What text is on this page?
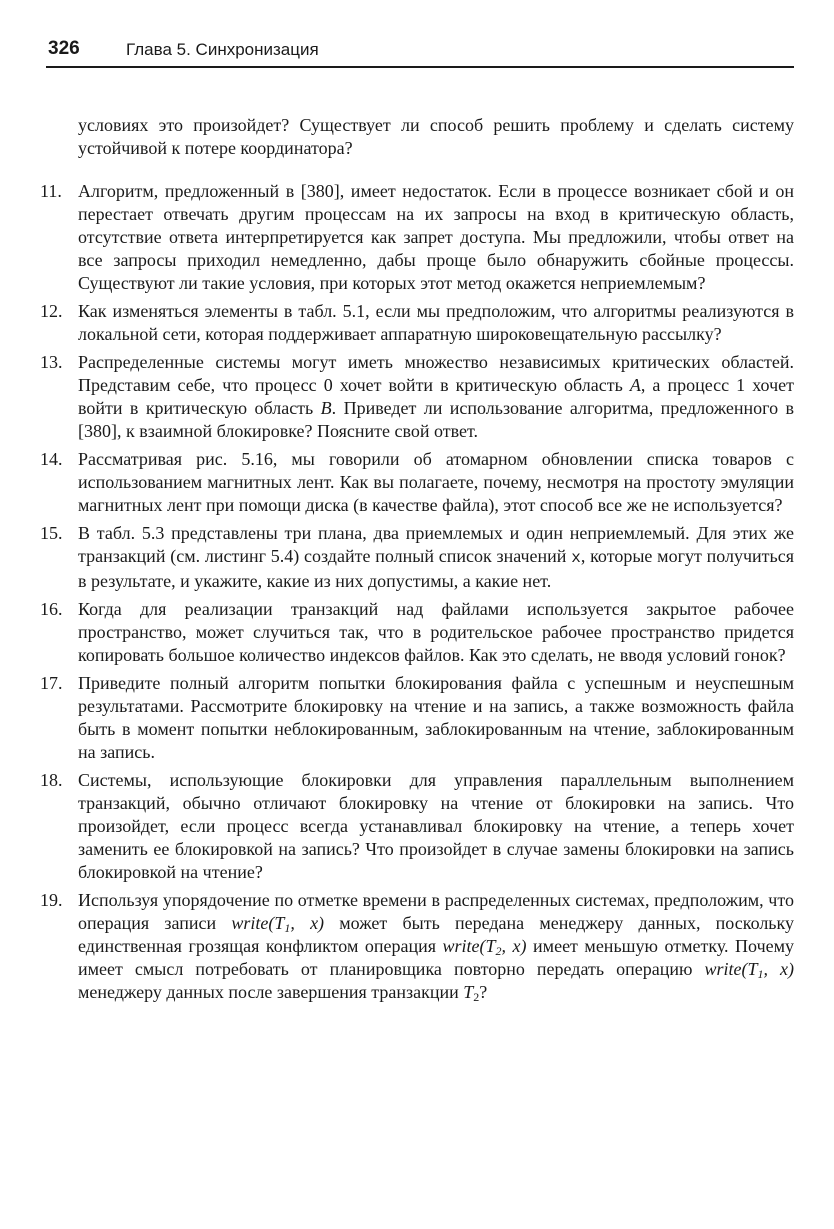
326	Глава 5. Синхронизация

условиях это произойдет? Существует ли способ решить проблему и сделать систему устойчивой к потере координатора?

11. Алгоритм, предложенный в [380], имеет недостаток. Если в процессе возникает сбой и он перестает отвечать другим процессам на их запросы на вход в критическую область, отсутствие ответа интерпретируется как запрет доступа. Мы предложили, чтобы ответ на все запросы приходил немедленно, дабы проще было обнаружить сбойные процессы. Существуют ли такие условия, при которых этот метод окажется неприемлемым?
12. Как изменяться элементы в табл. 5.1, если мы предположим, что алгоритмы реализуются в локальной сети, которая поддерживает аппаратную широковещательную рассылку?
13. Распределенные системы могут иметь множество независимых критических областей. Представим себе, что процесс 0 хочет войти в критическую область A, а процесс 1 хочет войти в критическую область B. Приведет ли использование алгоритма, предложенного в [380], к взаимной блокировке? Поясните свой ответ.
14. Рассматривая рис. 5.16, мы говорили об атомарном обновлении списка товаров с использованием магнитных лент. Как вы полагаете, почему, несмотря на простоту эмуляции магнитных лент при помощи диска (в качестве файла), этот способ все же не используется?
15. В табл. 5.3 представлены три плана, два приемлемых и один неприемлемый. Для этих же транзакций (см. листинг 5.4) создайте полный список значений x, которые могут получиться в результате, и укажите, какие из них допустимы, а какие нет.
16. Когда для реализации транзакций над файлами используется закрытое рабочее пространство, может случиться так, что в родительское рабочее пространство придется копировать большое количество индексов файлов. Как это сделать, не вводя условий гонок?
17. Приведите полный алгоритм попытки блокирования файла с успешным и неуспешным результатами. Рассмотрите блокировку на чтение и на запись, а также возможность файла быть в момент попытки неблокированным, заблокированным на чтение, заблокированным на запись.
18. Системы, использующие блокировки для управления параллельным выполнением транзакций, обычно отличают блокировку на чтение от блокировки на запись. Что произойдет, если процесс всегда устанавливал блокировку на чтение, а теперь хочет заменить ее блокировкой на запись? Что произойдет в случае замены блокировки на запись блокировкой на чтение?
19. Используя упорядочение по отметке времени в распределенных системах, предположим, что операция записи $write(T_1$, x) может быть передана менеджеру данных, поскольку единственная грозящая конфликтом операция $write(T_2$, x) имеет меньшую отметку. Почему имеет смысл потребовать от планировщика повторно передать операцию $write(T_1$, x) менеджеру данных после завершения транзакции $T_2$?
